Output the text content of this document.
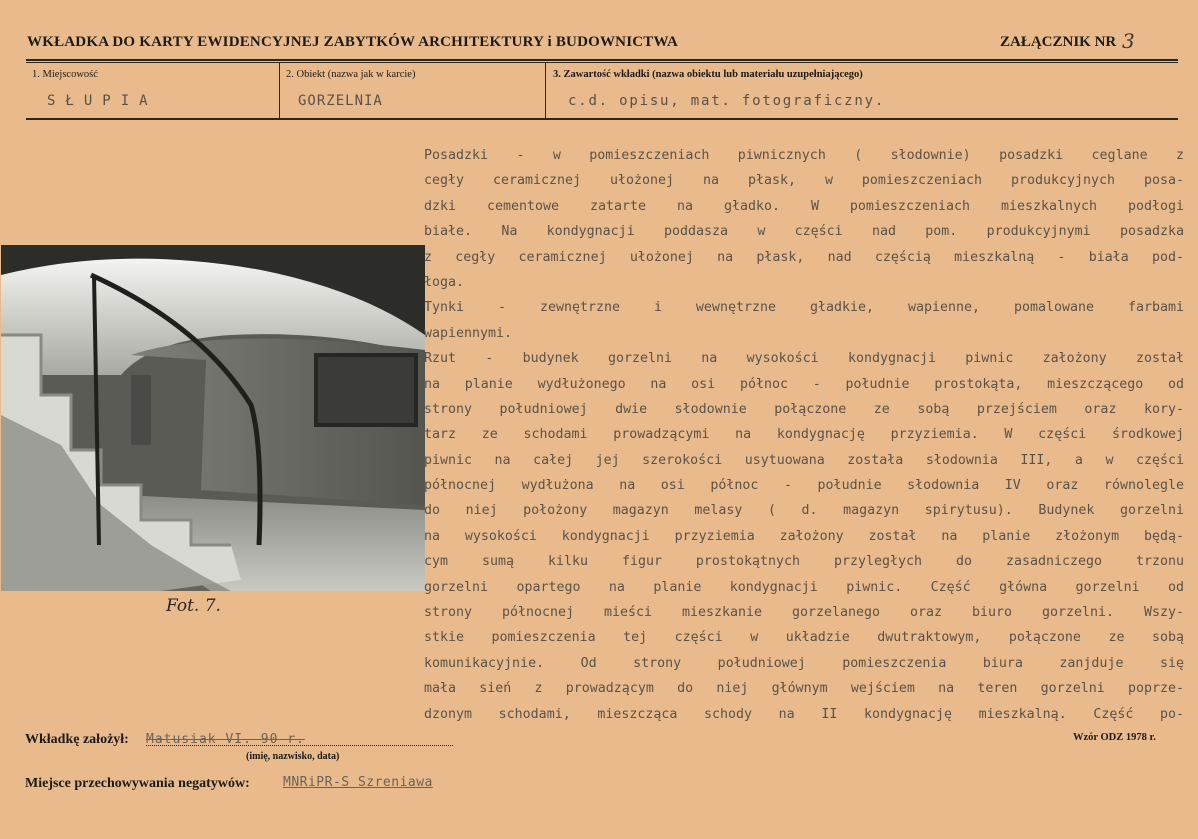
WKŁADKA DO KARTY EWIDENCYJNEJ ZABYTKÓW ARCHITEKTURY i BUDOWNICTWA	ZAŁĄCZNIK NR 3
1. Miejscowość	2. Obiekt (nazwa jak w karcie)	3. Zawartość wkładki (nazwa obiektu lub materiału uzupełniającego)
SŁUPIA	GORZELNIA	c.d. opisu, mat. fotograficzny.
Fot. 7.
Posadzki - w pomieszczeniach piwnicznych ( słodownie) posadzki ceglane z
cegły ceramicznej ułożonej na płask, w pomieszczeniach produkcyjnych posa-
dzki cementowe zatarte na gładko. W pomieszczeniach mieszkalnych podłogi
białe. Na kondygnacji poddasza w części nad pom. produkcyjnymi posadzka
z cegły ceramicznej ułożonej na płask, nad częścią mieszkalną - biała pod-
łoga.
Tynki - zewnętrzne i wewnętrzne gładkie, wapienne, pomalowane farbami
wapiennymi.
Rzut - budynek gorzelni na wysokości kondygnacji piwnic założony został
na planie wydłużonego na osi północ - południe prostokąta, mieszczącego od
strony południowej dwie słodownie połączone ze sobą przejściem oraz kory-
tarz ze schodami prowadzącymi na kondygnację przyziemia. W części środkowej
piwnic na całej jej szerokości usytuowana została słodownia III, a w części
północnej wydłużona na osi północ - południe słodownia IV oraz równolegle
do niej położony magazyn melasy ( d. magazyn spirytusu). Budynek gorzelni
na wysokości kondygnacji przyziemia założony został na planie złożonym będą-
cym sumą kilku figur prostokątnych przyległych do zasadniczego trzonu
gorzelni opartego na planie kondygnacji piwnic. Część główna gorzelni od
strony północnej mieści mieszkanie gorzelanego oraz biuro gorzelni. Wszy-
stkie pomieszczenia tej części w układzie dwutraktowym, połączone ze sobą
komunikacyjnie. Od strony południowej pomieszczenia biura zanjduje się
mała sień z prowadzącym do niej głównym wejściem na teren gorzelni poprze-
dzonym schodami, mieszcząca schody na II kondygnację mieszkalną. Część po-
Wkładkę założył: Matusiak VI. 90 r.
(imię, nazwisko, data)
Wzór ODZ 1978 r.
Miejsce przechowywania negatywów:	MNRiPR-S Szreniawa
